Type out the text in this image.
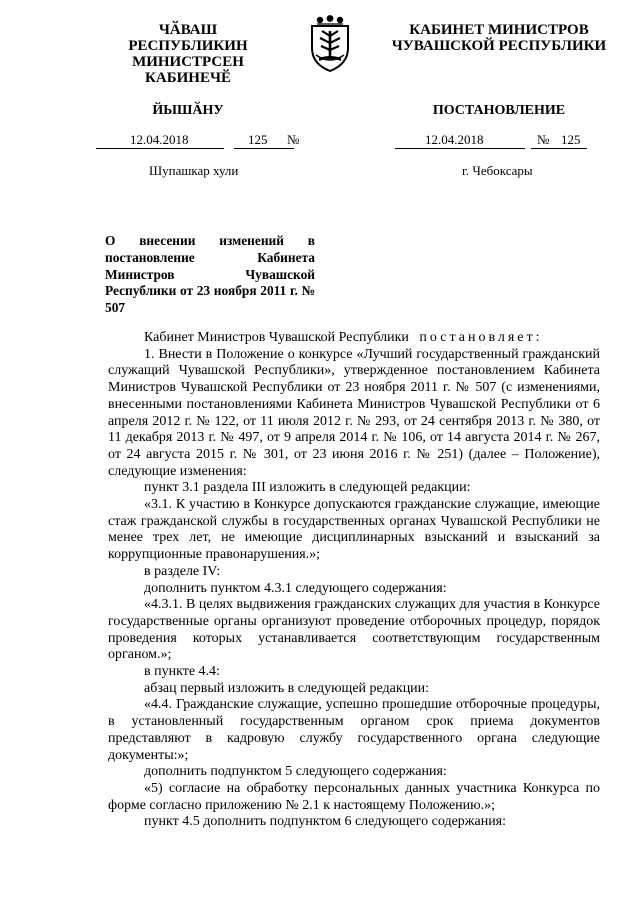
ЧӐВАШ РЕСПУБЛИКИН
МИНИСТРСЕН КАБИНЕЧӖ
ЙЫШӐНУ
КАБИНЕТ МИНИСТРОВ
ЧУВАШСКОЙ РЕСПУБЛИКИ
ПОСТАНОВЛЕНИЕ
12.04.2018	125 №	12.04.2018	№ 125
Шупашкар хули	г. Чебоксары
О внесении изменений в постановление Кабинета Министров Чувашской Республики от 23 ноября 2011 г. № 507

Кабинет Министров Чувашской Республики постановляет:

1. Внести в Положение о конкурсе «Лучший государственный гражданский служащий Чувашской Республики», утвержденное постановлением Кабинета Министров Чувашской Республики от 23 ноября 2011 г. № 507 (с изменениями, внесенными постановлениями Кабинета Министров Чувашской Республики от 6 апреля 2012 г. № 122, от 11 июля 2012 г. № 293, от 24 сентября 2013 г. № 380, от 11 декабря 2013 г. № 497, от 9 апреля 2014 г. № 106, от 14 августа 2014 г. № 267, от 24 августа 2015 г. № 301, от 23 июня 2016 г. № 251) (далее – Положение), следующие изменения:

пункт 3.1 раздела III изложить в следующей редакции:

«3.1. К участию в Конкурсе допускаются гражданские служащие, имеющие стаж гражданской службы в государственных органах Чувашской Республики не менее трех лет, не имеющие дисциплинарных взысканий и взысканий за коррупционные правонарушения.»;

в разделе IV:

дополнить пунктом 4.3.1 следующего содержания:

«4.3.1. В целях выдвижения гражданских служащих для участия в Конкурсе государственные органы организуют проведение отборочных процедур, порядок проведения которых устанавливается соответствующим государственным органом.»;

в пункте 4.4:

абзац первый изложить в следующей редакции:

«4.4. Гражданские служащие, успешно прошедшие отборочные процедуры, в установленный государственным органом срок приема документов представляют в кадровую службу государственного органа следующие документы:»;

дополнить подпунктом 5 следующего содержания:

«5) согласие на обработку персональных данных участника Конкурса по форме согласно приложению № 2.1 к настоящему Положению.»;

пункт 4.5 дополнить подпунктом 6 следующего содержания:
